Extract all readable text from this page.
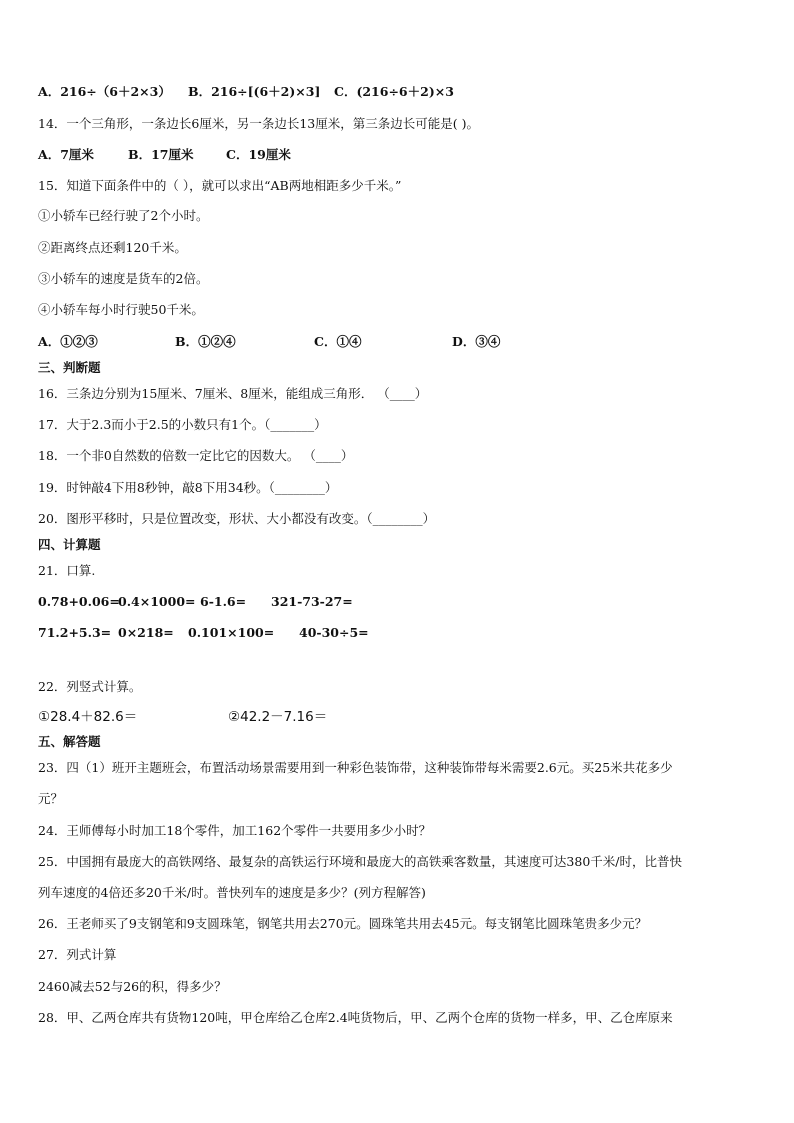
A．216÷（6＋2×3） B．216÷[(6＋2)×3] C．(216÷6＋2)×3
14．一个三角形，一条边长6厘米，另一条边长13厘米，第三条边长可能是( )。
A．7厘米	B．17厘米	C．19厘米
15．知道下面条件中的（ ），就可以求出“AB两地相距多少千米。”
①小轿车已经行驶了2个小时。
②距离终点还剩120千米。
③小轿车的速度是货车的2倍。
④小轿车每小时行驶50千米。
A．①②③	B．①②④	C．①④	D．③④
三、判断题
16．三条边分别为15厘米、7厘米、8厘米，能组成三角形． （____）
17．大于2.3而小于2.5的小数只有1个。（_______）
18．一个非0自然数的倍数一定比它的因数大。 （____）
19．时钟敲4下用8秒钟，敲8下用34秒。（________）
20．图形平移时，只是位置改变，形状、大小都没有改变。（________）
四、计算题
21．口算.
0.78+0.06=
0.4×1000= 6-1.6= 321-73-27=
71.2+5.3= 0×218= 0.101×100= 40-30÷5=
22．列竖式计算。
①28.4＋82.6＝	②42.2－7.16＝
五、解答题
23．四（1）班开主题班会，布置活动场景需要用到一种彩色装饰带，这种装饰带每米需要2.6元。买25米共花多少
元？
24．王师傅每小时加工18个零件，加工162个零件一共要用多少小时？
25．中国拥有最庞大的高铁网络、最复杂的高铁运行环境和最庞大的高铁乘客数量，其速度可达380千米/时，比普快
列车速度的4倍还多20千米/时。普快列车的速度是多少？(列方程解答)
26．王老师买了9支钢笔和9支圆珠笔，钢笔共用去270元。圆珠笔共用去45元。每支钢笔比圆珠笔贵多少元？
27．列式计算
2460减去52与26的积，得多少？
28．甲、乙两仓库共有货物120吨，甲仓库给乙仓库2.4吨货物后，甲、乙两个仓库的货物一样多，甲、乙仓库原来
